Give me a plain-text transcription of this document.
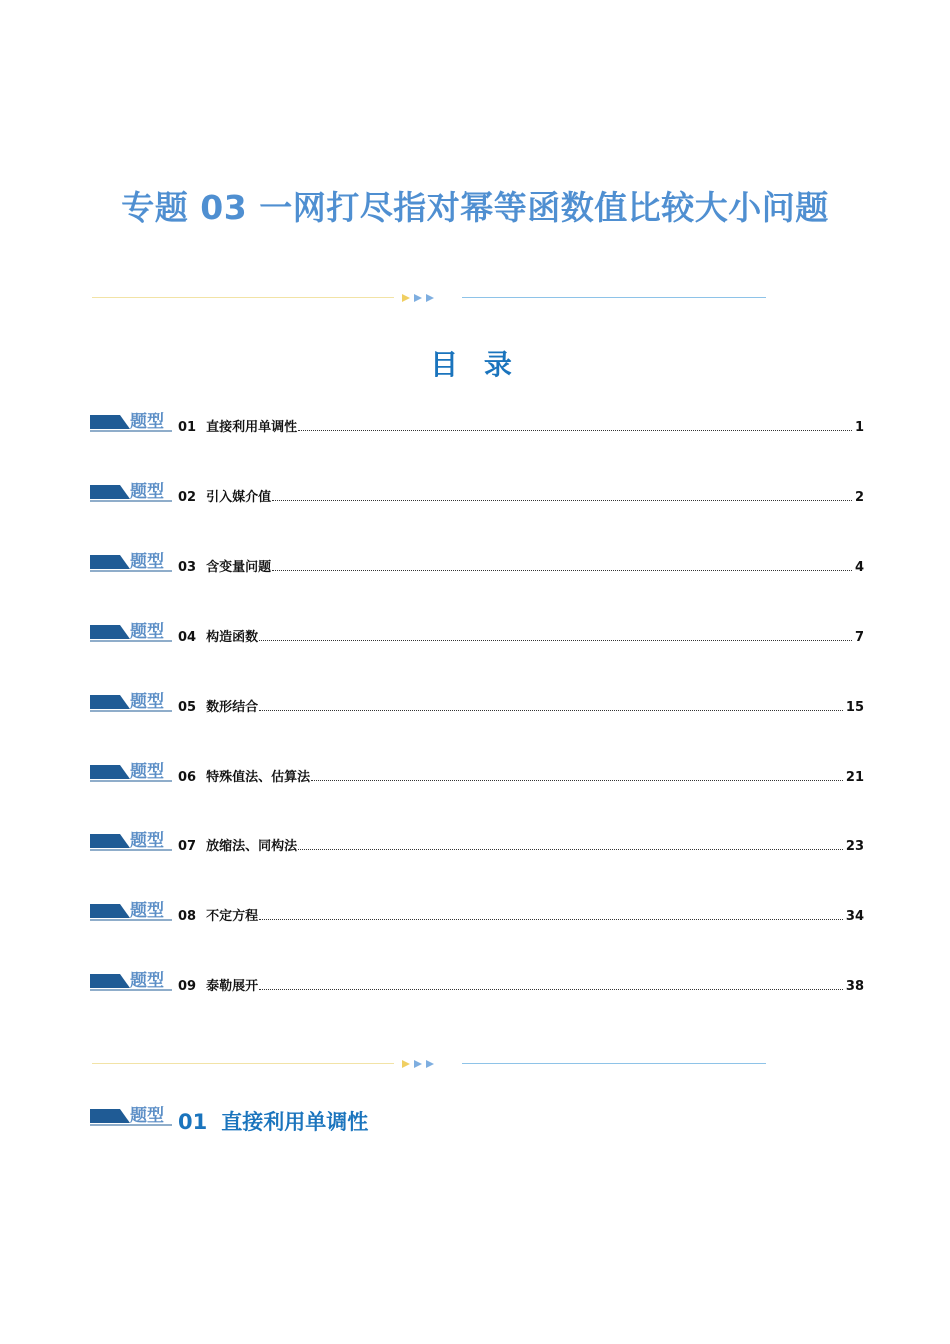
专题 03 一网打尽指对幂等函数值比较大小问题
目 录
题型 01 直接利用单调性	1
题型 02 引入媒介值	2
题型 03 含变量问题	4
题型 04 构造函数	7
题型 05 数形结合	15
题型 06 特殊值法、估算法	21
题型 07 放缩法、同构法	23
题型 08 不定方程	34
题型 09 泰勒展开	38
题型 01 直接利用单调性
